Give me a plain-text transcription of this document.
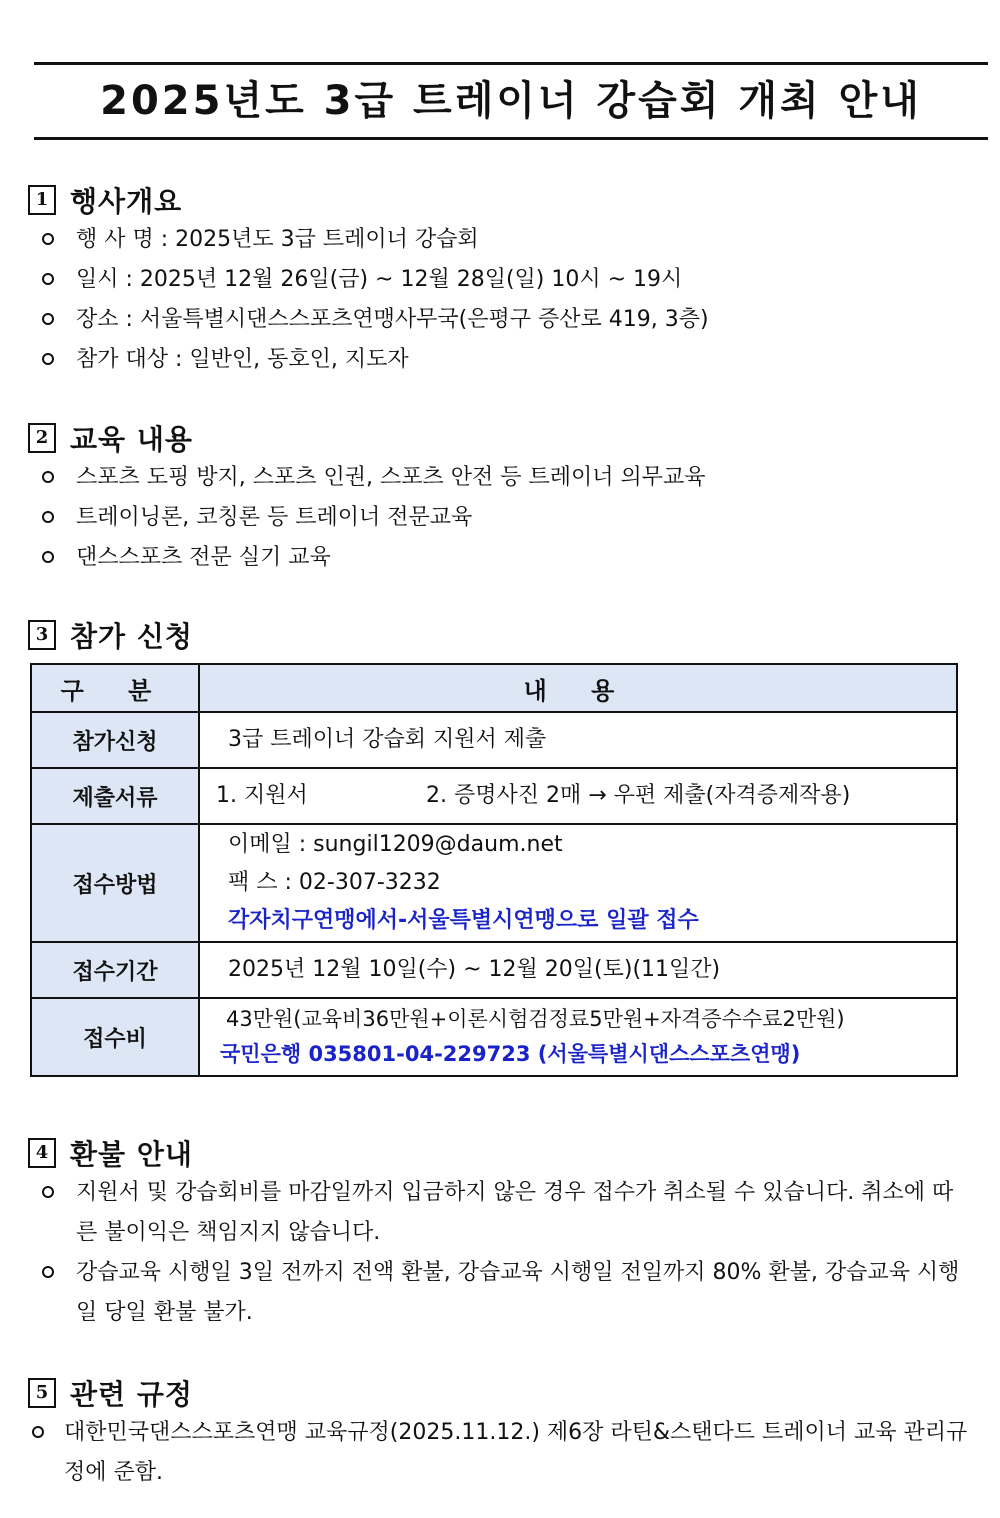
2025년도 3급 트레이너 강습회 개최 안내
1 행사개요
행 사 명 : 2025년도 3급 트레이너 강습회
일시 : 2025년 12월 26일(금) ~ 12월 28일(일) 10시 ~ 19시
장소 : 서울특별시댄스스포츠연맹사무국(은평구 증산로 419, 3층)
참가 대상 : 일반인, 동호인, 지도자
2 교육 내용
스포츠 도핑 방지, 스포츠 인권, 스포츠 안전 등 트레이너 의무교육
트레이닝론, 코칭론 등 트레이너 전문교육
댄스스포츠 전문 실기 교육
3 참가 신청
구 분	내 용
참가신청	3급 트레이너 강습회 지원서 제출
제출서류	1. 지원서 2. 증명사진 2매 → 우편 제출(자격증제작용)
접수방법	이메일 : sungil1209@daum.net
팩 스 : 02-307-3232
각자치구연맹에서-서울특별시연맹으로 일괄 접수

접수기간	2025년 12월 10일(수) ~ 12월 20일(토)(11일간)
접수비	43만원(교육비36만원+이론시험검정료5만원+자격증수수료2만원)
국민은행 035801-04-229723 (서울특별시댄스스포츠연맹)
4 환불 안내
지원서 및 강습회비를 마감일까지 입금하지 않은 경우 접수가 취소될 수 있습니다. 취소에 따른 불이익은 책임지지 않습니다.
강습교육 시행일 3일 전까지 전액 환불, 강습교육 시행일 전일까지 80% 환불, 강습교육 시행일 당일 환불 불가.
5 관련 규정
대한민국댄스스포츠연맹 교육규정(2025.11.12.) 제6장 라틴&스탠다드 트레이너 교육 관리규정에 준함.
